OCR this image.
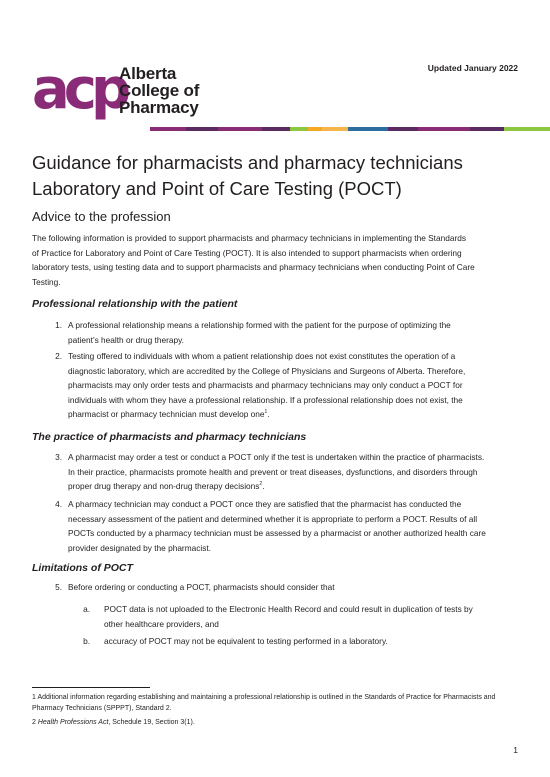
Updated January 2022
acp
Alberta
College of
Pharmacy
Guidance for pharmacists and pharmacy technicians
Laboratory and Point of Care Testing (POCT)
Advice to the profession
The following information is provided to support pharmacists and pharmacy technicians in implementing the Standards
of Practice for Laboratory and Point of Care Testing (POCT). It is also intended to support pharmacists when ordering
laboratory tests, using testing data and to support pharmacists and pharmacy technicians when conducting Point of Care
Testing.
Professional relationship with the patient
1. A professional relationship means a relationship formed with the patient for the purpose of optimizing the
patient’s health or drug therapy.
2. Testing offered to individuals with whom a patient relationship does not exist constitutes the operation of a
diagnostic laboratory, which are accredited by the College of Physicians and Surgeons of Alberta. Therefore,
pharmacists may only order tests and pharmacists and pharmacy technicians may only conduct a POCT for
individuals with whom they have a professional relationship. If a professional relationship does not exist, the
pharmacist or pharmacy technician must develop one$^1$.
The practice of pharmacists and pharmacy technicians
3. A pharmacist may order a test or conduct a POCT only if the test is undertaken within the practice of pharmacists.
In their practice, pharmacists promote health and prevent or treat diseases, dysfunctions, and disorders through
proper drug therapy and non-drug therapy decisions$^2$.
4. A pharmacy technician may conduct a POCT once they are satisfied that the pharmacist has conducted the
necessary assessment of the patient and determined whether it is appropriate to perform a POCT. Results of all
POCTs conducted by a pharmacy technician must be assessed by a pharmacist or another authorized health care
provider designated by the pharmacist.
Limitations of POCT
5. Before ordering or conducting a POCT, pharmacists should consider that
a. POCT data is not uploaded to the Electronic Health Record and could result in duplication of tests by
other healthcare providers, and
b. accuracy of POCT may not be equivalent to testing performed in a laboratory.
1 Additional information regarding establishing and maintaining a professional relationship is outlined in the Standards of Practice for Pharmacists and
Pharmacy Technicians (SPPPT), Standard 2.
2 Health Professions Act, Schedule 19, Section 3(1).
1
